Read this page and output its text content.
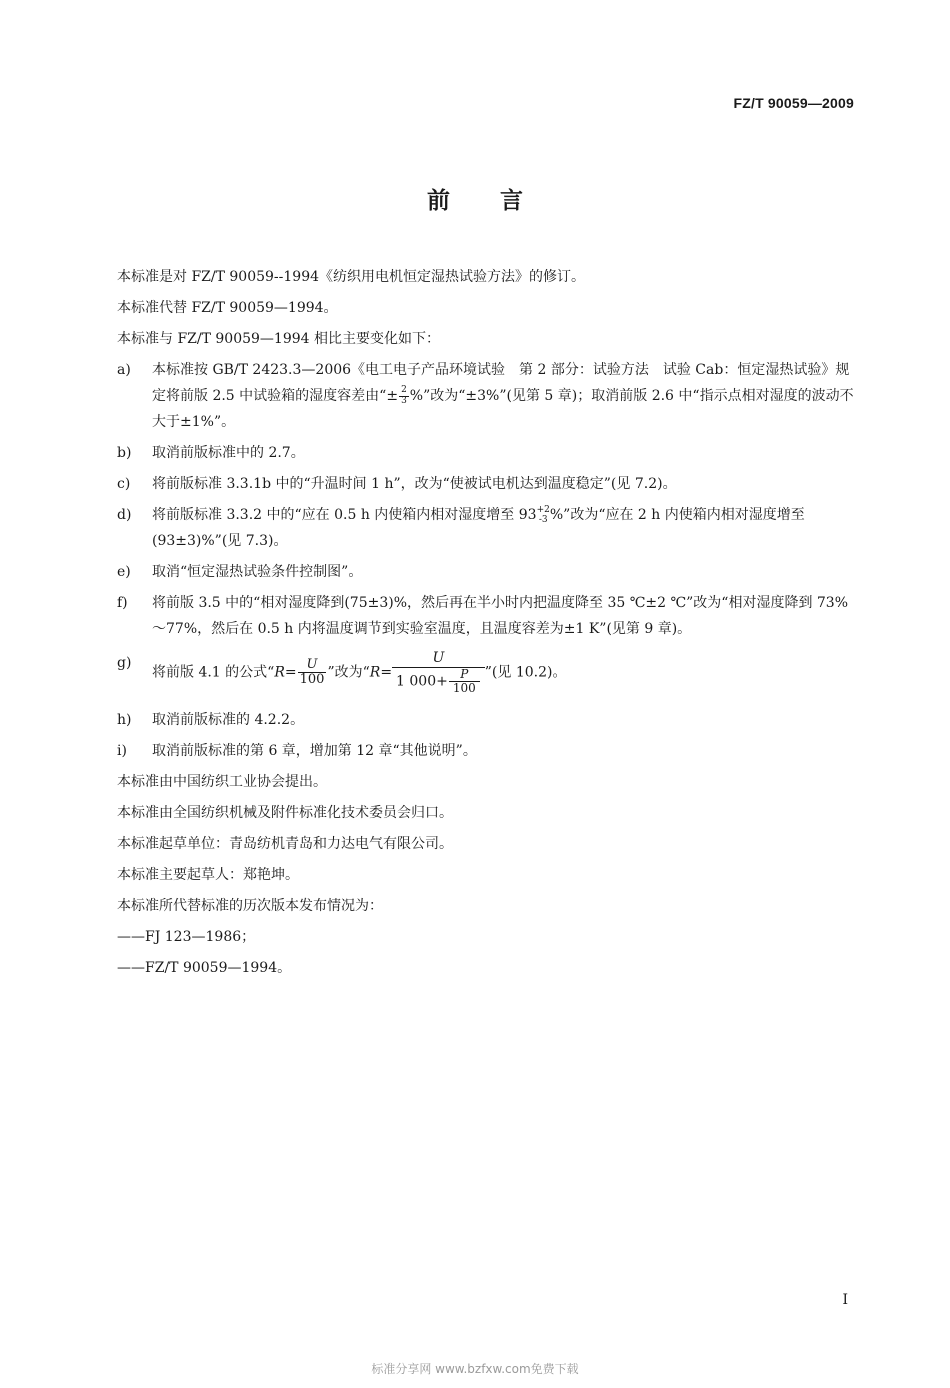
FZ/T 90059—2009
前言

本标准是对 FZ/T 90059--1994《纺织用电机恒定湿热试验方法》的修订。

本标准代替 FZ/T 90059—1994。

本标准与 FZ/T 90059—1994 相比主要变化如下：

a) 本标准按 GB/T 2423.3—2006《电工电子产品环境试验　第 2 部分：试验方法　试验 Cab：恒定湿热试验》规定将前版 2.5 中试验箱的湿度容差由“± $\frac{2}{3}$ %”改为“±3%”(见第 5 章)；取消前版 2.6 中“指示点相对湿度的波动不大于±1%”。
b) 取消前版标准中的 2.7。
c) 将前版标准 3.3.1b 中的“升温时间 1 h”，改为“使被试电机达到温度稳定”(见 7.2)。
d) 将前版标准 3.3.2 中的“应在 0.5 h 内使箱内相对湿度增至 93 +2
-3 %”改为“应在 2 h 内使箱内相对湿度增至(93±3)%”(见 7.3)。
e) 取消“恒定湿热试验条件控制图”。
f) 将前版 3.5 中的“相对湿度降到(75±3)%，然后再在半小时内把温度降至 35 ℃±2 ℃”改为“相对湿度降到 73%～77%，然后在 0.5 h 内将温度调节到实验室温度，且温度容差为±1 K”(见第 9 章)。
g)
将前版 4.1 的公式“$R= \frac{U}{100}$ ”改为“$R= \frac{U}{1 000+ \frac{P}{100}}$ ”(见 10.2)。
h) 取消前版标准的 4.2.2。
i) 取消前版标准的第 6 章，增加第 12 章“其他说明”。

本标准由中国纺织工业协会提出。

本标准由全国纺织机械及附件标准化技术委员会归口。

本标准起草单位：青岛纺机青岛和力达电气有限公司。

本标准主要起草人：郑艳坤。

本标准所代替标准的历次版本发布情况为：

——FJ 123—1986；

——FZ/T 90059—1994。

I
标准分享网 www.bzfxw.com免费下载
